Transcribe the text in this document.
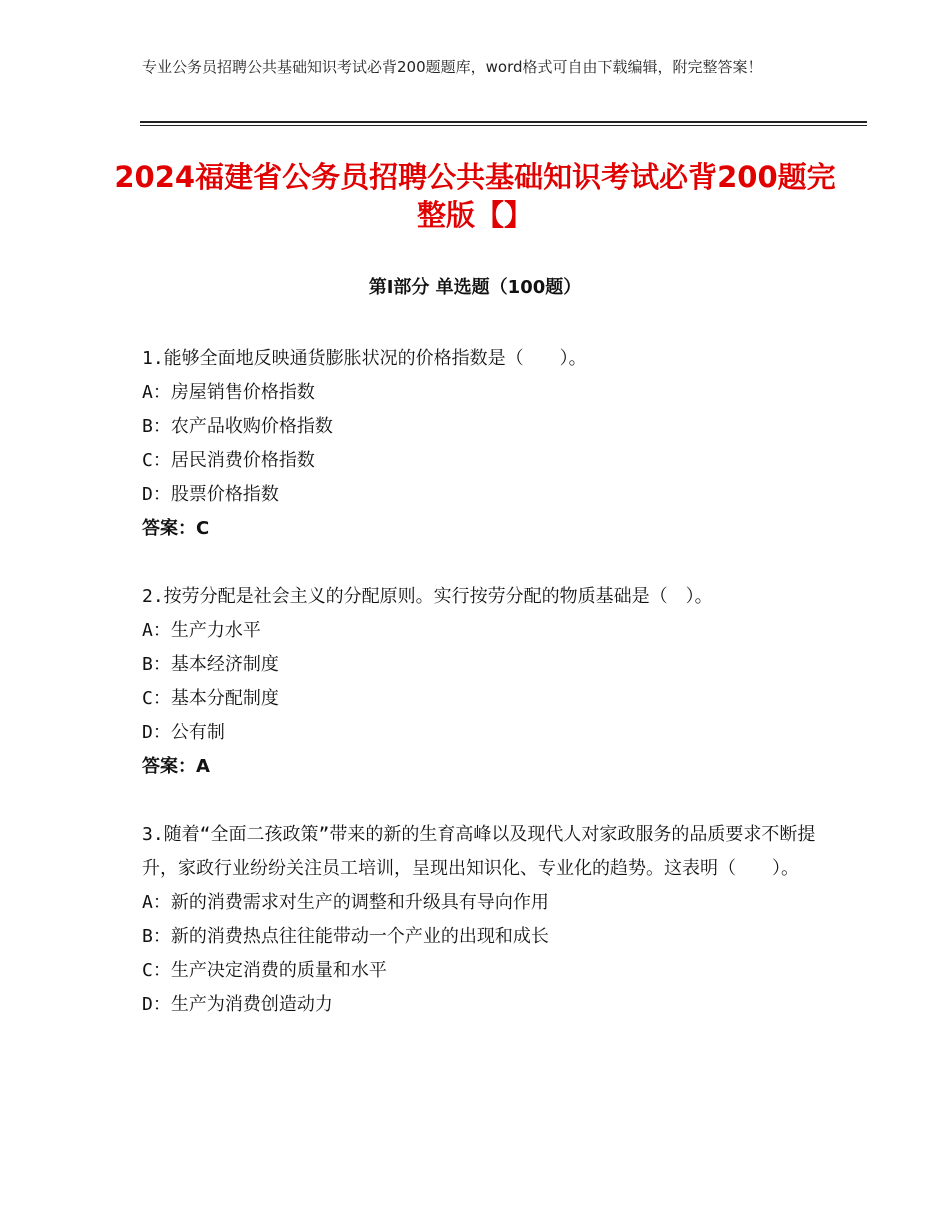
专业公务员招聘公共基础知识考试必背200题题库，word格式可自由下载编辑，附完整答案！
2024福建省公务员招聘公共基础知识考试必背200题完整版【】
第Ⅰ部分 单选题（100题）
1.能够全面地反映通货膨胀状况的价格指数是（　　）。
A：房屋销售价格指数
B：农产品收购价格指数
C：居民消费价格指数
D：股票价格指数
答案：C
2.按劳分配是社会主义的分配原则。实行按劳分配的物质基础是（　）。
A：生产力水平
B：基本经济制度
C：基本分配制度
D：公有制
答案：A
3.随着“全面二孩政策”带来的新的生育高峰以及现代人对家政服务的品质要求不断提升，家政行业纷纷关注员工培训，呈现出知识化、专业化的趋势。这表明（　　）。
A：新的消费需求对生产的调整和升级具有导向作用
B：新的消费热点往往能带动一个产业的出现和成长
C：生产决定消费的质量和水平
D：生产为消费创造动力
